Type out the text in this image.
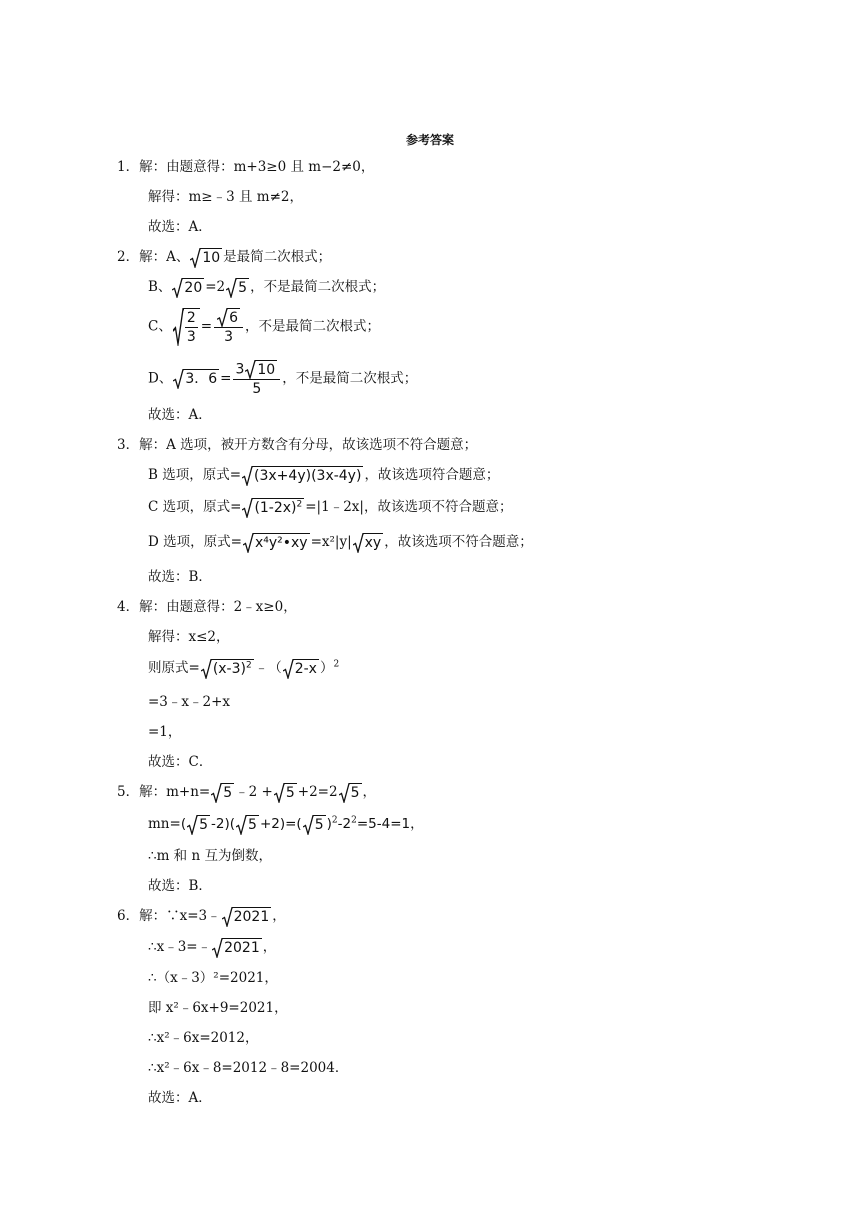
参考答案
1．解：由题意得：m+3≥0 且 m−2≠0，
解得：m≥﹣3 且 m≠2，
故选：A．
2．解：A、 10 是最简二次根式；
B、 20 =2 5 ，不是最简二次根式；
C、 $\frac{2}{3} = \frac{6}{3}$ ，不是最简二次根式；
D、 3．$6 = \frac{3 10}{5}$ ，不是最简二次根式；
故选：A．
3．解：A 选项，被开方数含有分母，故该选项不符合题意；
B 选项，原式= (3x+4y)(3x-4y) ，故该选项符合题意；
C 选项，原式= $(1-2x)^2$ =|1﹣2x|，故该选项不符合题意；
D 选项，原式= x⁴y²•xy =x²|y| xy ，故该选项不符合题意；
故选：B．
4．解：由题意得：2﹣x≥0，
解得：x≤2，
则原式= $(x-3)^2$ ﹣（ 2-x ）$^2$
=3﹣x﹣2+x
=1，
故选：C．
5．解：m+n= 5 ﹣2 + 5 +2=2 5 ，
mn=( 5 -2)( 5 +2)=( 5 )$^2-2^2=5-4=1$，
∴m 和 n 互为倒数，
故选：B．
6．解：∵x=3﹣ 2021 ，
∴x﹣3=﹣ 2021 ，
∴（x﹣3）²=2021，
即 x²﹣6x+9=2021，
∴x²﹣6x=2012，
∴x²﹣6x﹣8=2012﹣8=2004．
故选：A．
